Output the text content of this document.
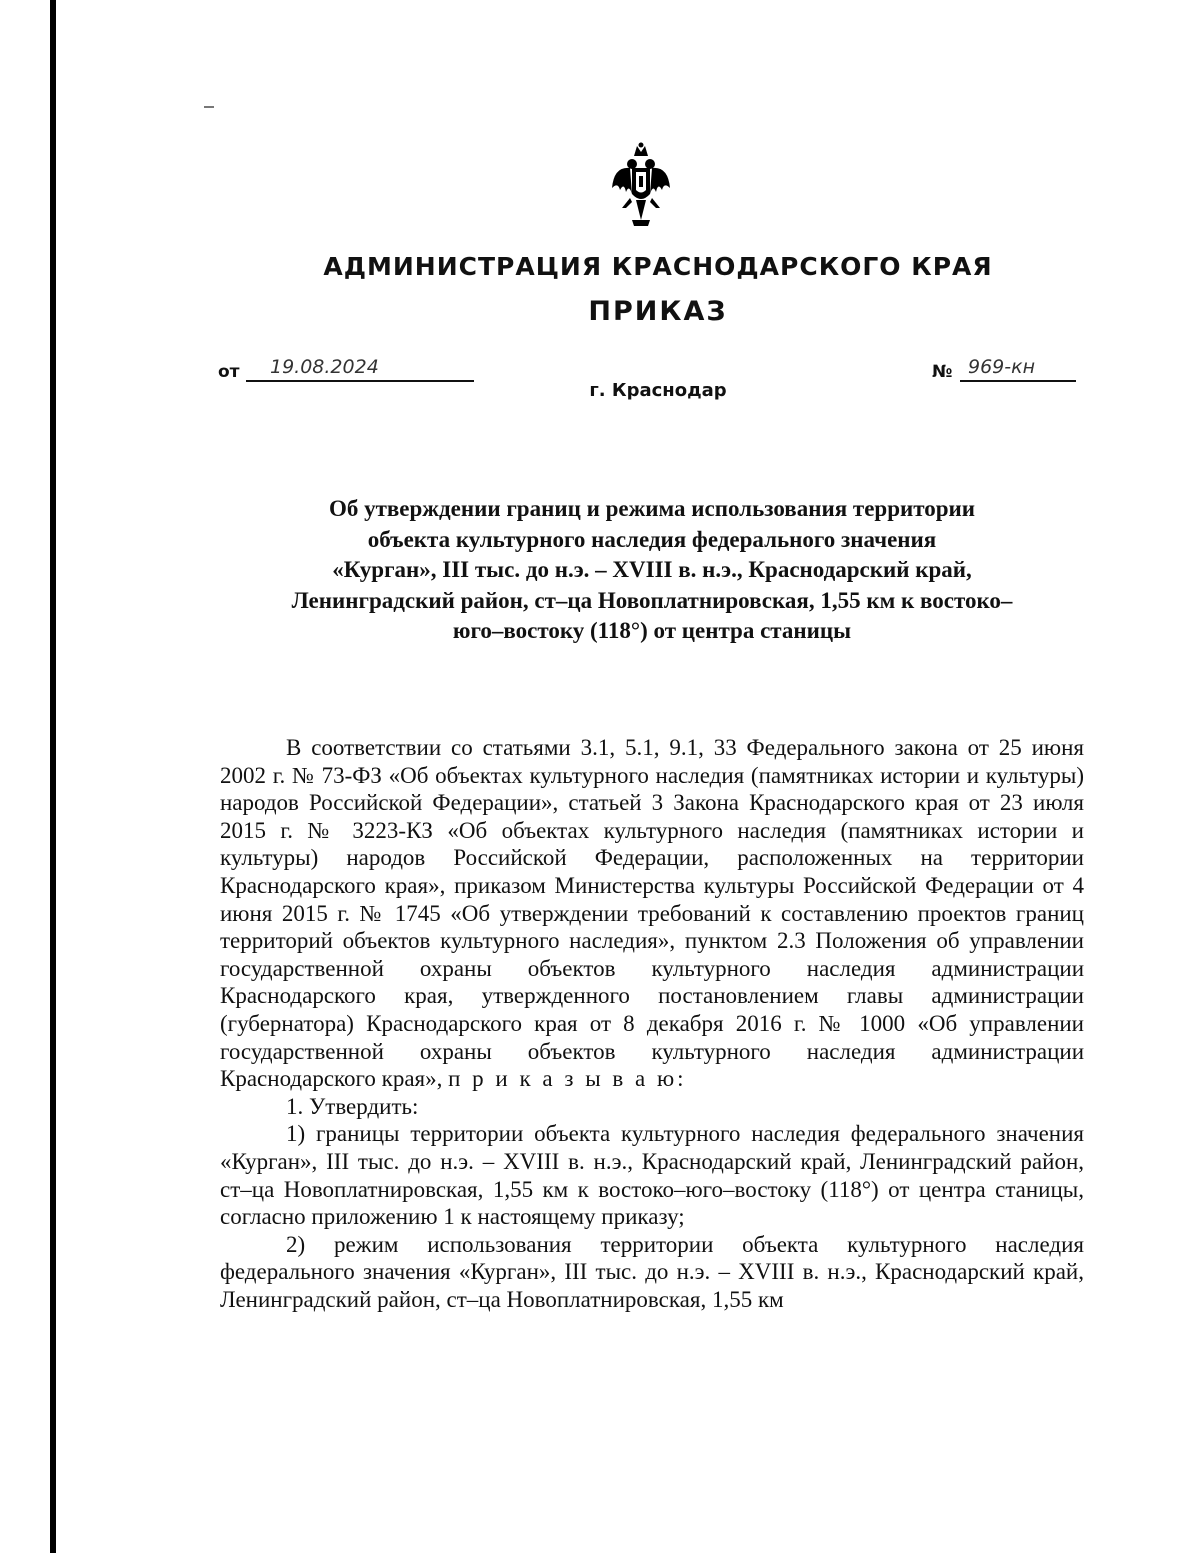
АДМИНИСТРАЦИЯ КРАСНОДАРСКОГО КРАЯ
ПРИКАЗ
от 19.08.2024	№ 969-кн
г. Краснодар
Об утверждении границ и режима использования территории
объекта культурного наследия федерального значения
«Курган», III тыс. до н.э. – XVIII в. н.э., Краснодарский край,
Ленинградский район, ст–ца Новоплатнировская, 1,55 км к востоко–
юго–востоку (118°) от центра станицы

В соответствии со статьями 3.1, 5.1, 9.1, 33 Федерального закона от 25 июня 2002 г. № 73-ФЗ «Об объектах культурного наследия (памятниках истории и культуры) народов Российской Федерации», статьей 3 Закона Краснодарского края от 23 июля 2015 г. № 3223-КЗ «Об объектах культурного наследия (памятниках истории и культуры) народов Российской Федерации, расположенных на территории Краснодарского края», приказом Министерства культуры Российской Федерации от 4 июня 2015 г. № 1745 «Об утверждении требований к составлению проектов границ территорий объектов культурного наследия», пунктом 2.3 Положения об управлении государственной охраны объектов культурного наследия администрации Краснодарского края, утвержденного постановлением главы администрации (губернатора) Краснодарского края от 8 декабря 2016 г. № 1000 «Об управлении государственной охраны объектов культурного наследия администрации Краснодарского края», п р и к а з ы в а ю:

1. Утвердить:

1) границы территории объекта культурного наследия федерального значения «Курган», III тыс. до н.э. – XVIII в. н.э., Краснодарский край, Ленинградский район, ст–ца Новоплатнировская, 1,55 км к востоко–юго–востоку (118°) от центра станицы, согласно приложению 1 к настоящему приказу;

2) режим использования территории объекта культурного наследия федерального значения «Курган», III тыс. до н.э. – XVIII в. н.э., Краснодарский край, Ленинградский район, ст–ца Новоплатнировская, 1,55 км
